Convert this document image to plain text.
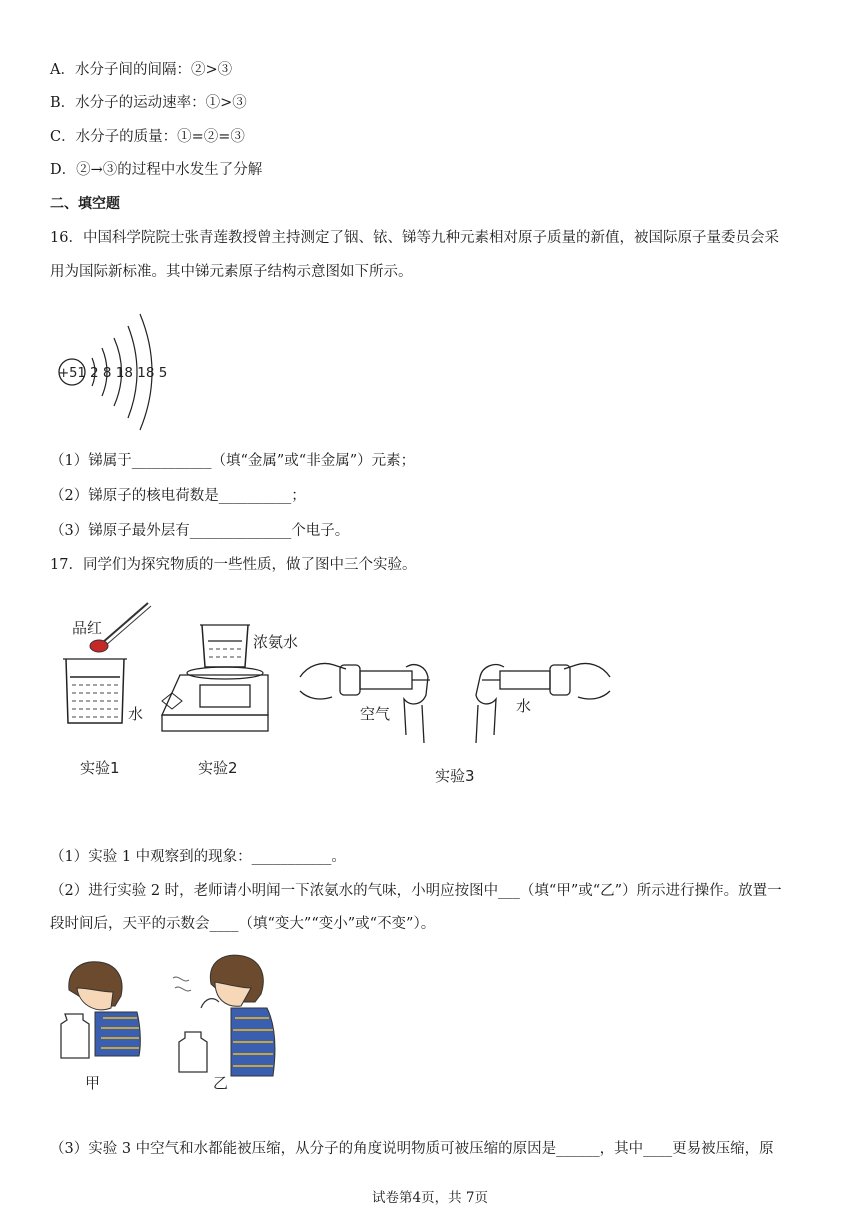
A．水分子间的间隔：②>③
B．水分子的运动速率：①>③
C．水分子的质量：①=②=③
D．②→③的过程中水发生了分解
二、填空题
16．中国科学院院士张青莲教授曾主持测定了铟、铱、锑等九种元素相对原子质量的新值，被国际原子量委员会采
用为国际新标准。其中锑元素原子结构示意图如下所示。
+51 2 8 18 18 5
（1）锑属于___________（填“金属”或“非金属”）元素；
（2）锑原子的核电荷数是__________；
（3）锑原子最外层有______________个电子。
17．同学们为探究物质的一些性质，做了图中三个实验。
品红
水
实验1
浓氨水
实验2
空气	水
实验3
（1）实验 1 中观察到的现象：___________。
（2）进行实验 2 时，老师请小明闻一下浓氨水的气味，小明应按图中___（填“甲”或“乙”）所示进行操作。放置一
段时间后，天平的示数会____（填“变大”“变小”或“不变”）。
甲	乙
（3）实验 3 中空气和水都能被压缩，从分子的角度说明物质可被压缩的原因是______，其中____更易被压缩，原
试卷第4页，共 7页
